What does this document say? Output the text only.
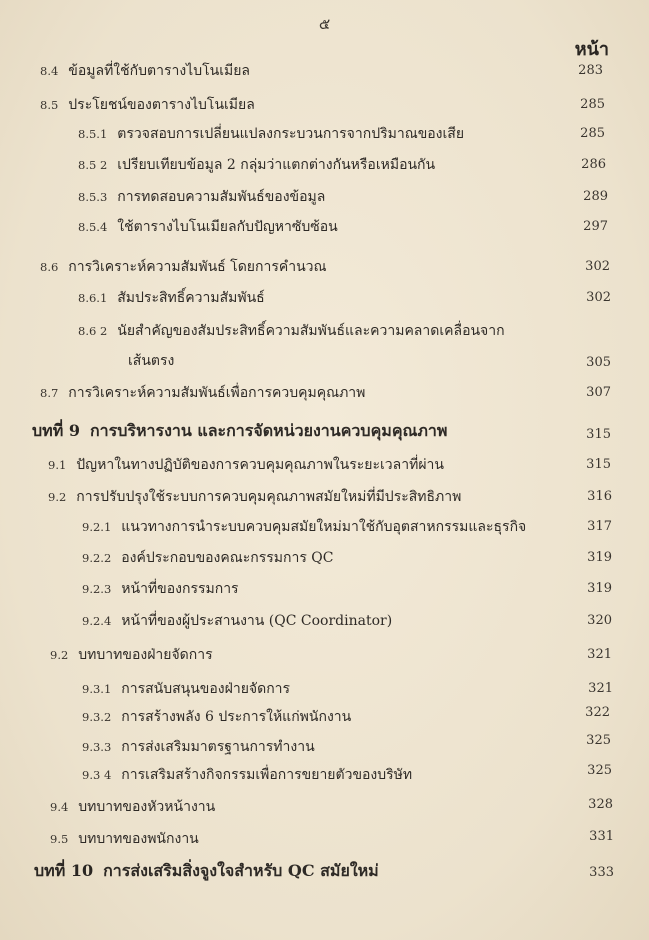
๕
หน้า
8.4 ข้อมูลที่ใช้กับตารางไบโนเมียล	283
8.5 ประโยชน์ของตารางไบโนเมียล	285
8.5.1 ตรวจสอบการเปลี่ยนแปลงกระบวนการจากปริมาณของเสีย	285
8.5 2 เปรียบเทียบข้อมูล 2 กลุ่มว่าแตกต่างกันหรือเหมือนกัน	286
8.5.3 การทดสอบความสัมพันธ์ของข้อมูล	289
8.5.4 ใช้ตารางไบโนเมียลกับปัญหาซับซ้อน	297
8.6 การวิเคราะห์ความสัมพันธ์ โดยการคำนวณ	302
8.6.1 สัมประสิทธิ์ความสัมพันธ์	302
8.6 2 นัยสำคัญของสัมประสิทธิ์ความสัมพันธ์และความคลาดเคลื่อนจาก
เส้นตรง	305
8.7 การวิเคราะห์ความสัมพันธ์เพื่อการควบคุมคุณภาพ	307
บทที่ 9 การบริหารงาน และการจัดหน่วยงานควบคุมคุณภาพ	315
9.1 ปัญหาในทางปฏิบัติของการควบคุมคุณภาพในระยะเวลาที่ผ่าน	315
9.2 การปรับปรุงใช้ระบบการควบคุมคุณภาพสมัยใหม่ที่มีประสิทธิภาพ	316
9.2.1 แนวทางการนำระบบควบคุมสมัยใหม่มาใช้กับอุตสาหกรรมและธุรกิจ	317
9.2.2 องค์ประกอบของคณะกรรมการ QC	319
9.2.3 หน้าที่ของกรรมการ	319
9.2.4 หน้าที่ของผู้ประสานงาน (QC Coordinator)	320
9.2 บทบาทของฝ่ายจัดการ	321
9.3.1 การสนับสนุนของฝ่ายจัดการ	321
9.3.2 การสร้างพลัง 6 ประการให้แก่พนักงาน	322
9.3.3 การส่งเสริมมาตรฐานการทำงาน	325
9.3 4 การเสริมสร้างกิจกรรมเพื่อการขยายตัวของบริษัท	325
9.4 บทบาทของหัวหน้างาน	328
9.5 บทบาทของพนักงาน	331
บทที่ 10 การส่งเสริมสิ่งจูงใจสำหรับ QC สมัยใหม่	333
